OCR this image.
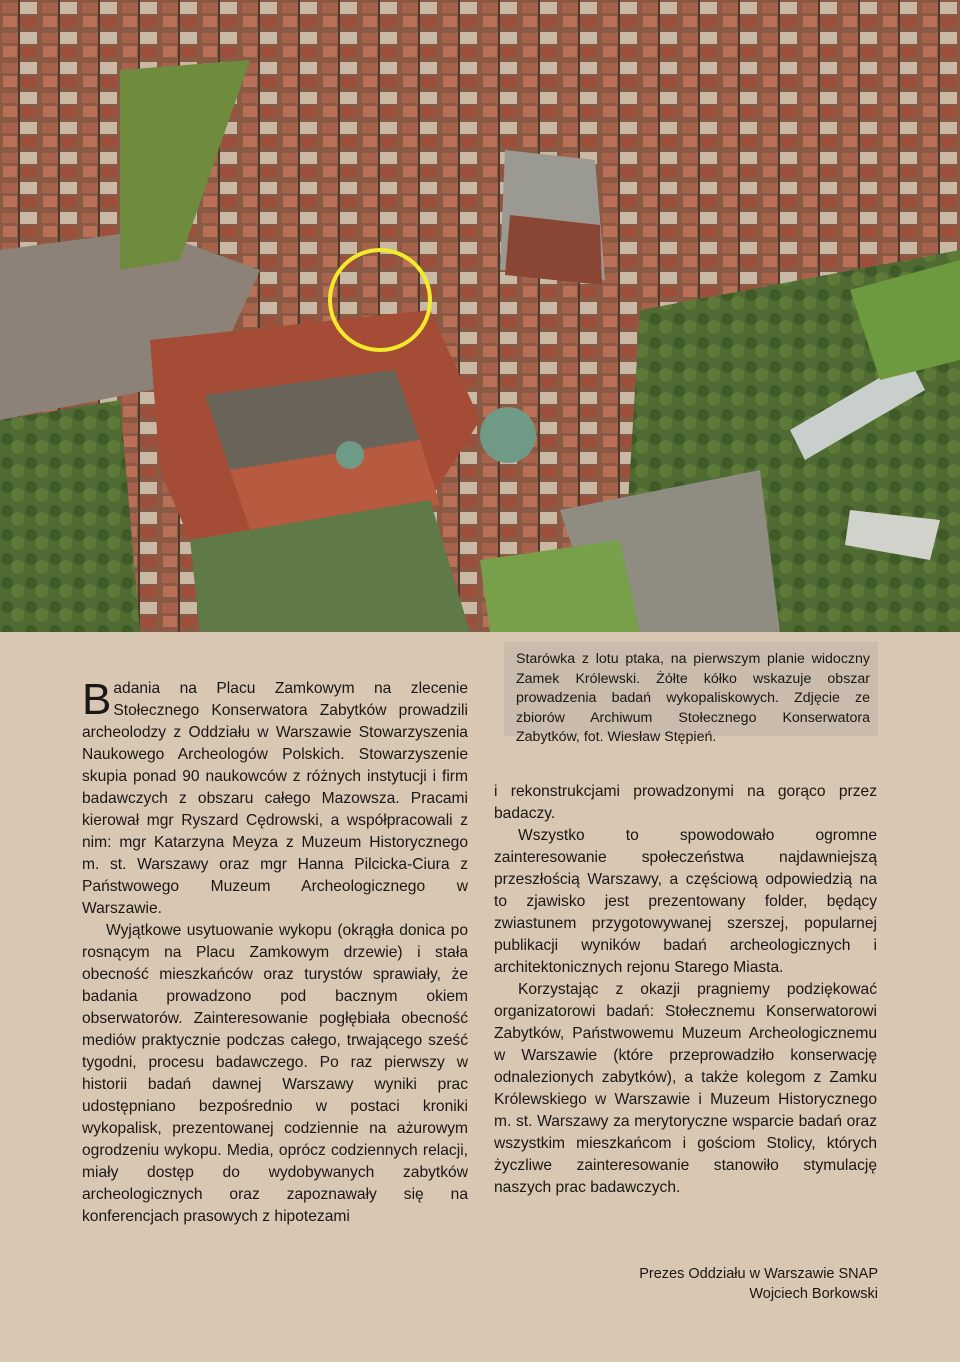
Starówka z lotu ptaka, na pierwszym planie widoczny Zamek Królewski. Żółte kółko wskazuje obszar prowadzenia badań wykopaliskowych. Zdjęcie ze zbiorów Archiwum Stołecznego Konserwatora Zabytków, fot. Wiesław Stępień.

Badania na Placu Zamkowym na zlecenie Stołecznego Konserwatora Zabytków prowadzili archeolodzy z Oddziału w Warszawie Stowarzyszenia Naukowego Archeologów Polskich. Stowarzyszenie skupia ponad 90 naukowców z różnych instytucji i firm badawczych z obszaru całego Mazowsza. Pracami kierował mgr Ryszard Cędrowski, a współpracowali z nim: mgr Katarzyna Meyza z Muzeum Historycznego m. st. Warszawy oraz mgr Hanna Pilcicka-Ciura z Państwowego Muzeum Archeologicznego w Warszawie.

Wyjątkowe usytuowanie wykopu (okrągła donica po rosnącym na Placu Zamkowym drzewie) i stała obecność mieszkańców oraz turystów sprawiały, że badania prowadzono pod bacznym okiem obserwatorów. Zainteresowanie pogłębiała obecność mediów praktycznie podczas całego, trwającego sześć tygodni, procesu badawczego. Po raz pierwszy w historii badań dawnej Warszawy wyniki prac udostępniano bezpośrednio w postaci kroniki wykopalisk, prezentowanej codziennie na ażurowym ogrodzeniu wykopu. Media, oprócz codziennych relacji, miały dostęp do wydobywanych zabytków archeologicznych oraz zapoznawały się na konferencjach prasowych z hipotezami

i rekonstrukcjami prowadzonymi na gorąco przez badaczy.

Wszystko to spowodowało ogromne zainteresowanie społeczeństwa najdawniejszą przeszłością Warszawy, a częściową odpowiedzią na to zjawisko jest prezentowany folder, będący zwiastunem przygotowywanej szerszej, popularnej publikacji wyników badań archeologicznych i architektonicznych rejonu Starego Miasta.

Korzystając z okazji pragniemy podziękować organizatorowi badań: Stołecznemu Konserwatorowi Zabytków, Państwowemu Muzeum Archeologicznemu w Warszawie (które przeprowadziło konserwację odnalezionych zabytków), a także kolegom z Zamku Królewskiego w Warszawie i Muzeum Historycznego m. st. Warszawy za merytoryczne wsparcie badań oraz wszystkim mieszkańcom i gościom Stolicy, których życzliwe zainteresowanie stanowiło stymulację naszych prac badawczych.

Prezes Oddziału w Warszawie SNAP
Wojciech Borkowski
